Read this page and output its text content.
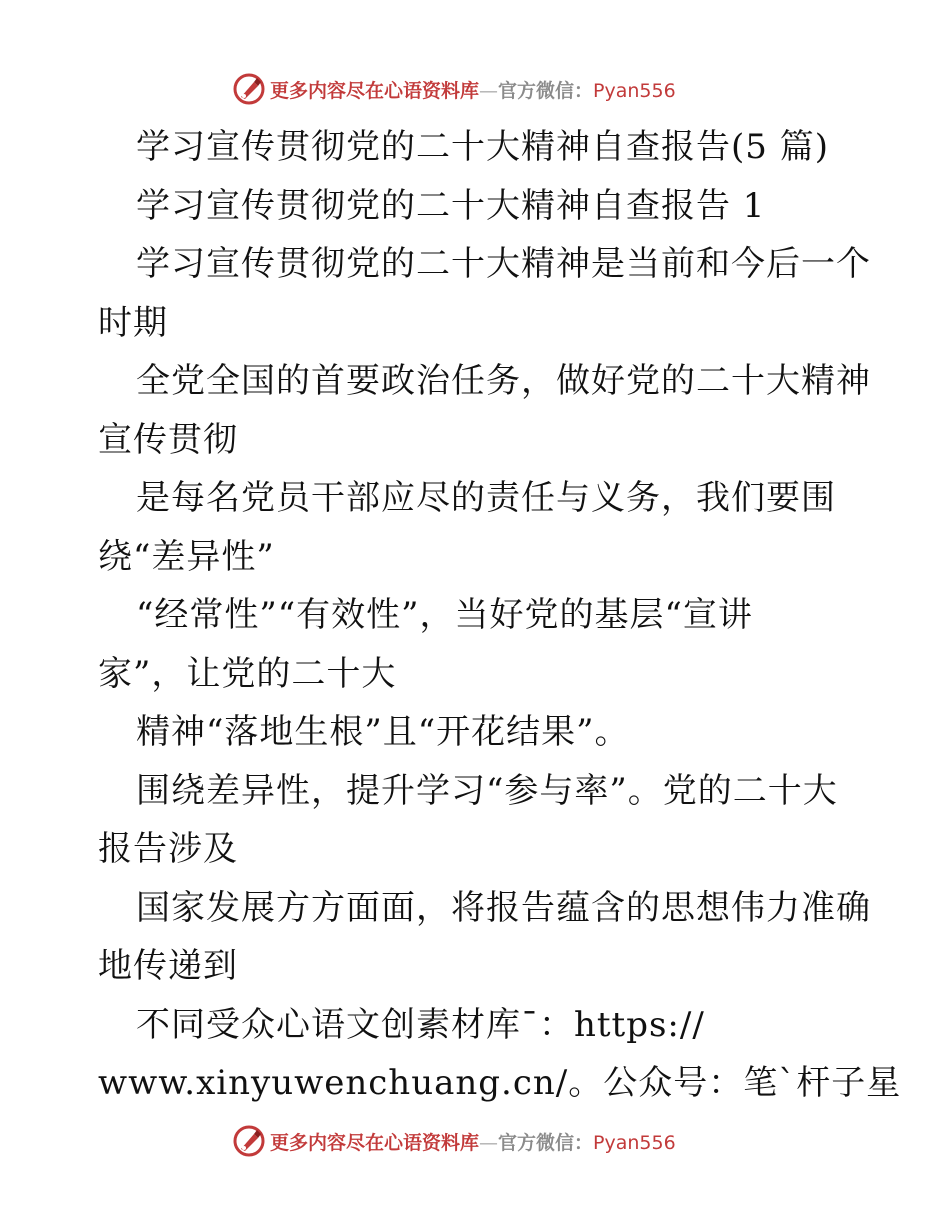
更多内容尽在心语资料库—官方微信：Pyan556
学习宣传贯彻党的二十大精神自查报告(5 篇)
学习宣传贯彻党的二十大精神自查报告 1
学习宣传贯彻党的二十大精神是当前和今后一个
时期
全党全国的首要政治任务，做好党的二十大精神
宣传贯彻
是每名党员干部应尽的责任与义务，我们要围
绕“差异性”
“经常性”“有效性”，当好党的基层“宣讲
家”，让党的二十大
精神“落地生根”且“开花结果”。
围绕差异性，提升学习“参与率”。党的二十大
报告涉及
国家发展方方面面，将报告蕴含的思想伟力准确
地传递到
不同受众心语文创素材库¯：https://
www.xinyuwenchuang.cn/。公众号：笔`杆子星
更多内容尽在心语资料库—官方微信：Pyan556
